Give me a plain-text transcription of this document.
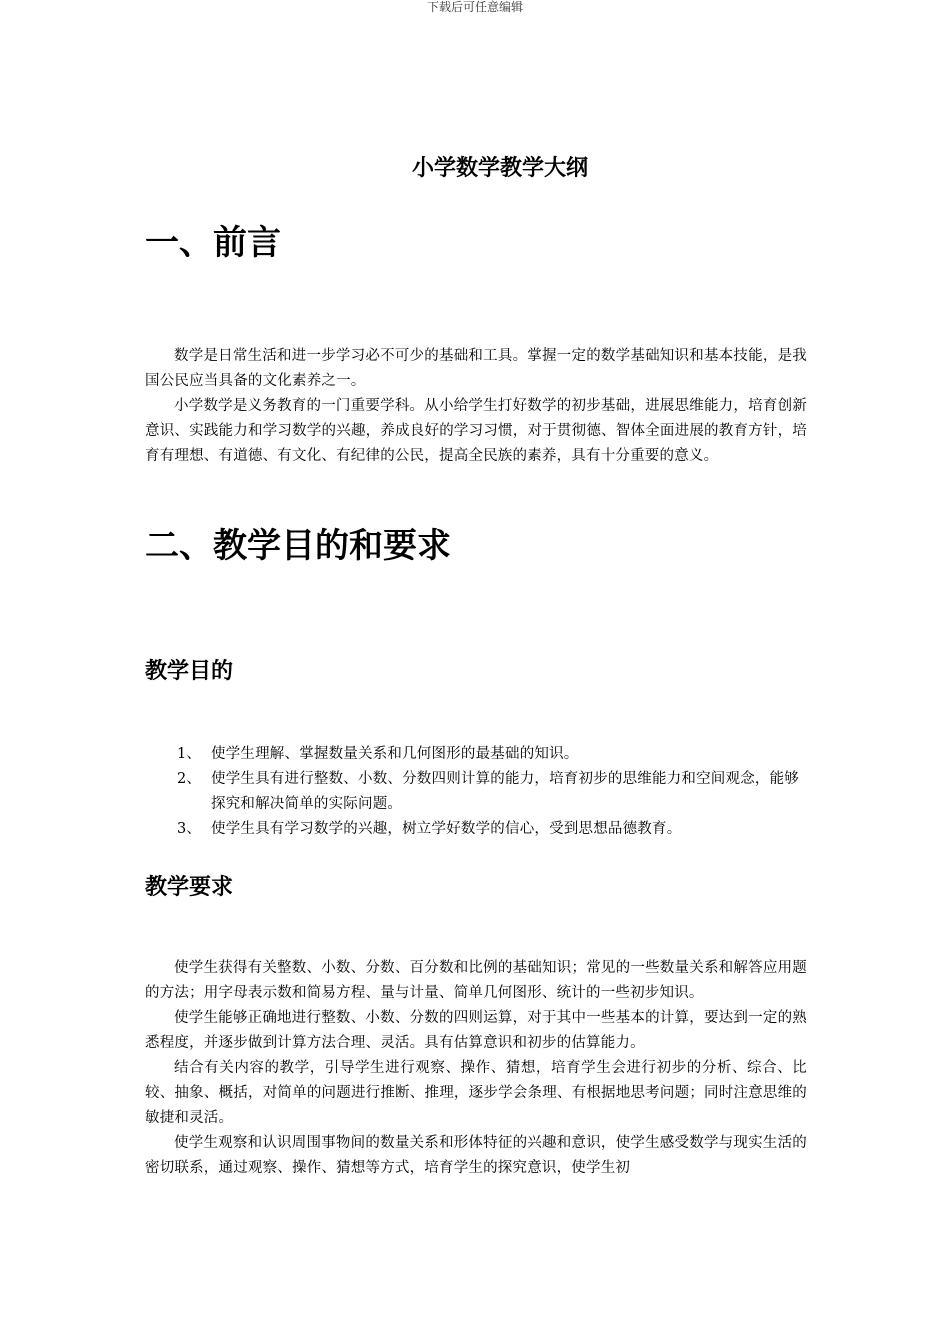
下载后可任意编辑
小学数学教学大纲
一、前言

数学是日常生活和进一步学习必不可少的基础和工具。掌握一定的数学基础知识和基本技能，是我国公民应当具备的文化素养之一。

小学数学是义务教育的一门重要学科。从小给学生打好数学的初步基础，进展思维能力，培育创新意识、实践能力和学习数学的兴趣，养成良好的学习习惯，对于贯彻德、智体全面进展的教育方针，培育有理想、有道德、有文化、有纪律的公民，提高全民族的素养，具有十分重要的意义。

二、教学目的和要求
教学目的
1、 使学生理解、掌握数量关系和几何图形的最基础的知识。
2、 使学生具有进行整数、小数、分数四则计算的能力，培育初步的思维能力和空间观念，能够探究和解决简单的实际问题。
3、 使学生具有学习数学的兴趣，树立学好数学的信心，受到思想品德教育。
教学要求

使学生获得有关整数、小数、分数、百分数和比例的基础知识；常见的一些数量关系和解答应用题的方法；用字母表示数和简易方程、量与计量、简单几何图形、统计的一些初步知识。

使学生能够正确地进行整数、小数、分数的四则运算，对于其中一些基本的计算，要达到一定的熟悉程度，并逐步做到计算方法合理、灵活。具有估算意识和初步的估算能力。

结合有关内容的教学，引导学生进行观察、操作、猜想，培育学生会进行初步的分析、综合、比较、抽象、概括，对简单的问题进行推断、推理，逐步学会条理、有根据地思考问题；同时注意思维的敏捷和灵活。

使学生观察和认识周围事物间的数量关系和形体特征的兴趣和意识，使学生感受数学与现实生活的密切联系，通过观察、操作、猜想等方式，培育学生的探究意识，使学生初
